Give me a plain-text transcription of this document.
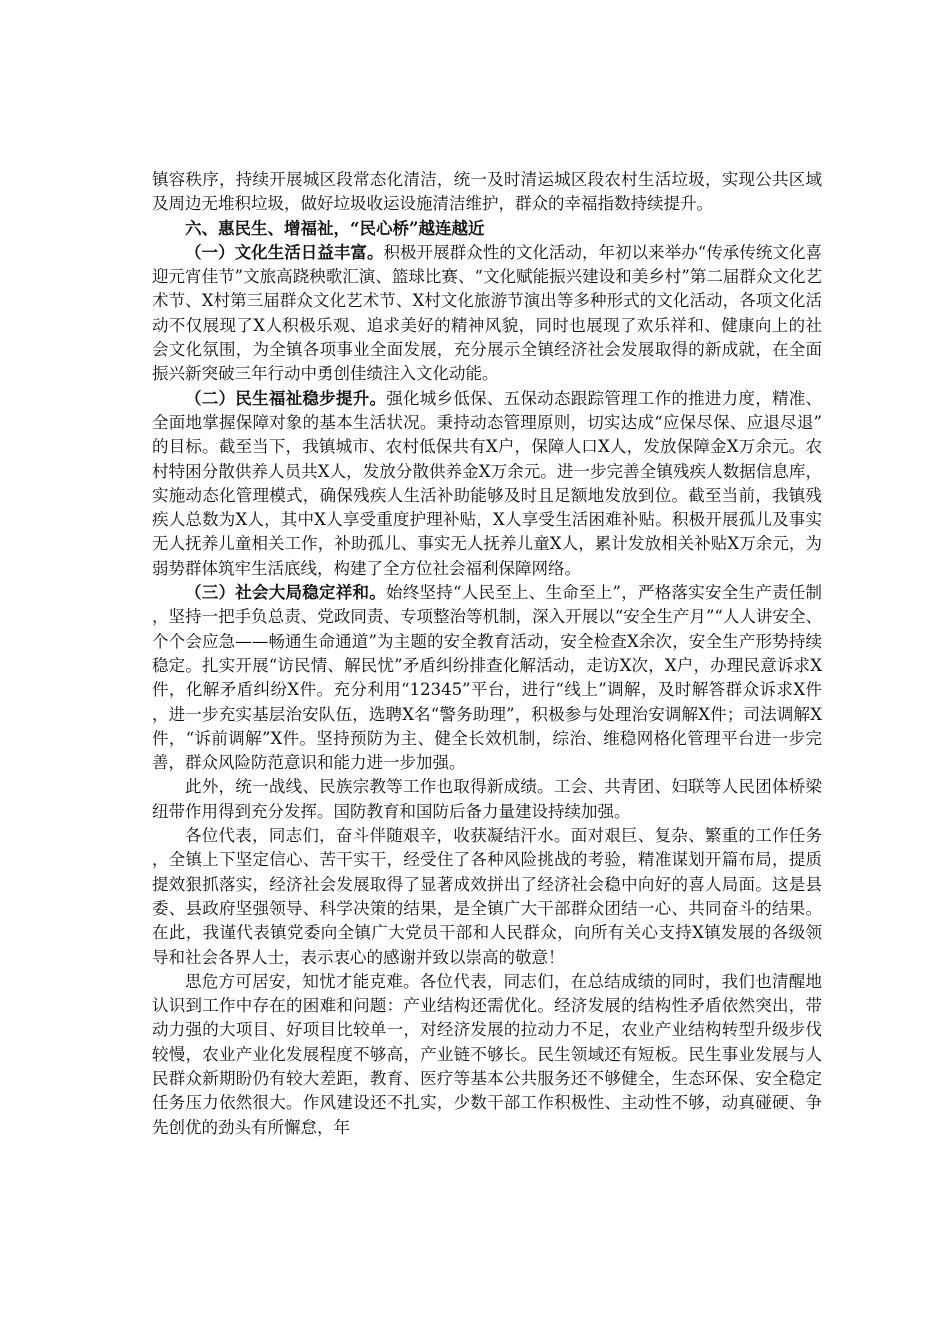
镇容秩序，持续开展城区段常态化清洁，统一及时清运城区段农村生活垃圾，实现公共区域及周边无堆积垃圾，做好垃圾收运设施清洁维护，群众的幸福指数持续提升。

六、惠民生、增福祉，“民心桥”越连越近

（一）文化生活日益丰富。积极开展群众性的文化活动，年初以来举办“传承传统文化喜迎元宵佳节”文旅高跷秧歌汇演、篮球比赛、“文化赋能振兴建设和美乡村”第二届群众文化艺术节、X村第三届群众文化艺术节、X村文化旅游节演出等多种形式的文化活动，各项文化活动不仅展现了X人积极乐观、追求美好的精神风貌，同时也展现了欢乐祥和、健康向上的社会文化氛围，为全镇各项事业全面发展，充分展示全镇经济社会发展取得的新成就，在全面振兴新突破三年行动中勇创佳绩注入文化动能。

（二）民生福祉稳步提升。强化城乡低保、五保动态跟踪管理工作的推进力度，精准、全面地掌握保障对象的基本生活状况。秉持动态管理原则，切实达成“应保尽保、应退尽退”的目标。截至当下，我镇城市、农村低保共有X户，保障人口X人，发放保障金X万余元。农村特困分散供养人员共X人，发放分散供养金X万余元。进一步完善全镇残疾人数据信息库，实施动态化管理模式，确保残疾人生活补助能够及时且足额地发放到位。截至当前，我镇残疾人总数为X人，其中X人享受重度护理补贴，X人享受生活困难补贴。积极开展孤儿及事实无人抚养儿童相关工作，补助孤儿、事实无人抚养儿童X人，累计发放相关补贴X万余元，为弱势群体筑牢生活底线，构建了全方位社会福利保障网络。

（三）社会大局稳定祥和。始终坚持“人民至上、生命至上”，严格落实安全生产责任制，坚持一把手负总责、党政同责、专项整治等机制，深入开展以“安全生产月”“人人讲安全、个个会应急——畅通生命通道”为主题的安全教育活动，安全检查X余次，安全生产形势持续稳定。扎实开展“访民情、解民忧”矛盾纠纷排查化解活动，走访X次，X户，办理民意诉求X件，化解矛盾纠纷X件。充分利用“12345”平台，进行“线上”调解，及时解答群众诉求X件，进一步充实基层治安队伍，选聘X名“警务助理”，积极参与处理治安调解X件；司法调解X件，“诉前调解”X件。坚持预防为主、健全长效机制，综治、维稳网格化管理平台进一步完善，群众风险防范意识和能力进一步加强。

此外，统一战线、民族宗教等工作也取得新成绩。工会、共青团、妇联等人民团体桥梁纽带作用得到充分发挥。国防教育和国防后备力量建设持续加强。

各位代表，同志们，奋斗伴随艰辛，收获凝结汗水。面对艰巨、复杂、繁重的工作任务，全镇上下坚定信心、苦干实干，经受住了各种风险挑战的考验，精准谋划开篇布局，提质提效狠抓落实，经济社会发展取得了显著成效拼出了经济社会稳中向好的喜人局面。这是县委、县政府坚强领导、科学决策的结果，是全镇广大干部群众团结一心、共同奋斗的结果。在此，我谨代表镇党委向全镇广大党员干部和人民群众，向所有关心支持X镇发展的各级领导和社会各界人士，表示衷心的感谢并致以崇高的敬意！

思危方可居安，知忧才能克难。各位代表，同志们，在总结成绩的同时，我们也清醒地认识到工作中存在的困难和问题：产业结构还需优化。经济发展的结构性矛盾依然突出，带动力强的大项目、好项目比较单一，对经济发展的拉动力不足，农业产业结构转型升级步伐较慢，农业产业化发展程度不够高，产业链不够长。民生领域还有短板。民生事业发展与人民群众新期盼仍有较大差距，教育、医疗等基本公共服务还不够健全，生态环保、安全稳定任务压力依然很大。作风建设还不扎实，少数干部工作积极性、主动性不够，动真碰硬、争先创优的劲头有所懈怠，年
